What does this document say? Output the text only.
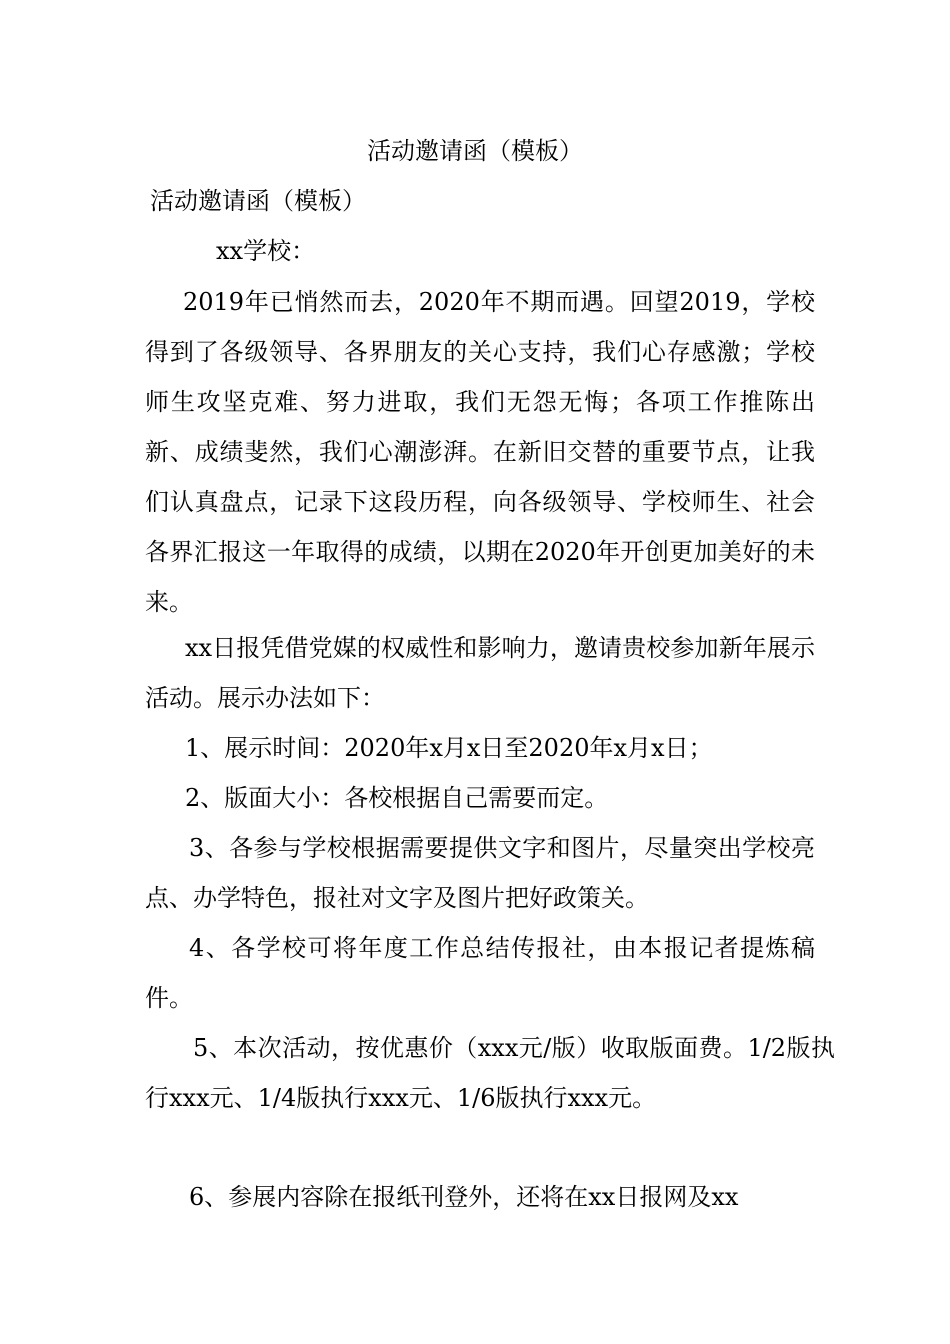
活动邀请函（模板）
活动邀请函（模板）
xx学校：

2019年已悄然而去，2020年不期而遇。回望2019，学校得到了各级领导、各界朋友的关心支持，我们心存感激；学校师生攻坚克难、努力进取，我们无怨无悔；各项工作推陈出新、成绩斐然，我们心潮澎湃。在新旧交替的重要节点，让我们认真盘点，记录下这段历程，向各级领导、学校师生、社会各界汇报这一年取得的成绩，以期在2020年开创更加美好的未来。

xx日报凭借党媒的权威性和影响力，邀请贵校参加新年展示活动。展示办法如下：

1、展示时间：2020年x月x日至2020年x月x日；

2、版面大小：各校根据自己需要而定。

3、各参与学校根据需要提供文字和图片，尽量突出学校亮点、办学特色，报社对文字及图片把好政策关。

4、各学校可将年度工作总结传报社，由本报记者提炼稿件。

5、本次活动，按优惠价（xxx元/版）收取版面费。1/2版执行xxx元、1/4版执行xxx元、1/6版执行xxx元。

6、参展内容除在报纸刊登外，还将在xx日报网及xx
